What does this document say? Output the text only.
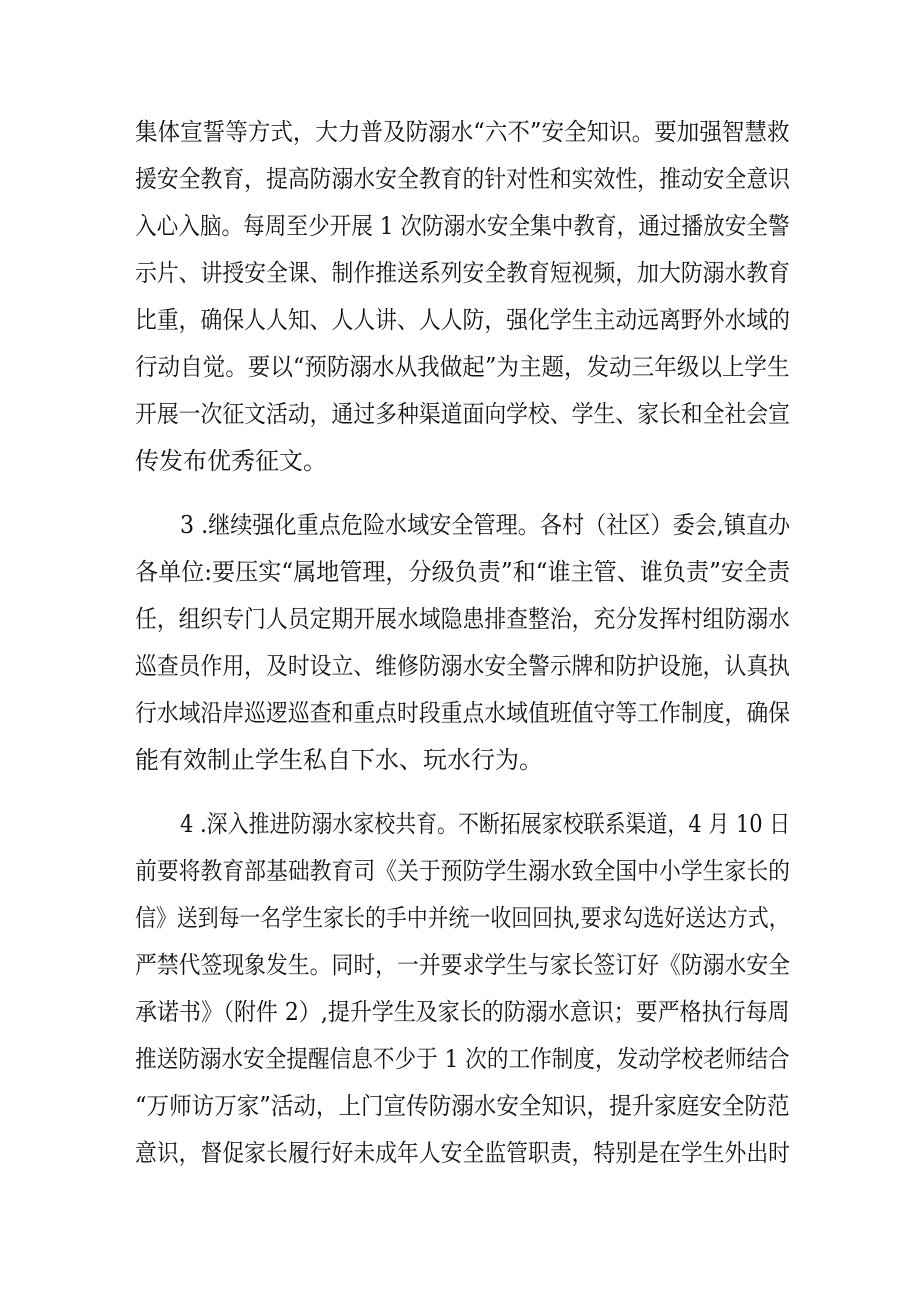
集体宣誓等方式，大力普及防溺水“六不”安全知识。要加强智慧救
援安全教育，提高防溺水安全教育的针对性和实效性，推动安全意识
入心入脑。每周至少开展 1 次防溺水安全集中教育，通过播放安全警
示片、讲授安全课、制作推送系列安全教育短视频，加大防溺水教育
比重，确保人人知、人人讲、人人防，强化学生主动远离野外水域的
行动自觉。要以“预防溺水从我做起”为主题，发动三年级以上学生
开展一次征文活动，通过多种渠道面向学校、学生、家长和全社会宣
传发布优秀征文。
3 .继续强化重点危险水域安全管理。各村（社区）委会,镇直办
各单位:要压实“属地管理，分级负责”和“谁主管、谁负责”安全责
任，组织专门人员定期开展水域隐患排查整治，充分发挥村组防溺水
巡查员作用，及时设立、维修防溺水安全警示牌和防护设施，认真执
行水域沿岸巡逻巡查和重点时段重点水域值班值守等工作制度，确保
能有效制止学生私自下水、玩水行为。
4 .深入推进防溺水家校共育。不断拓展家校联系渠道，4 月 10 日
前要将教育部基础教育司《关于预防学生溺水致全国中小学生家长的
信》送到每一名学生家长的手中并统一收回回执,要求勾选好送达方式，
严禁代签现象发生。同时，一并要求学生与家长签订好《防溺水安全
承诺书》（附件 2）,提升学生及家长的防溺水意识；要严格执行每周
推送防溺水安全提醒信息不少于 1 次的工作制度，发动学校老师结合
“万师访万家”活动，上门宣传防溺水安全知识，提升家庭安全防范
意识，督促家长履行好未成年人安全监管职责，特别是在学生外出时
